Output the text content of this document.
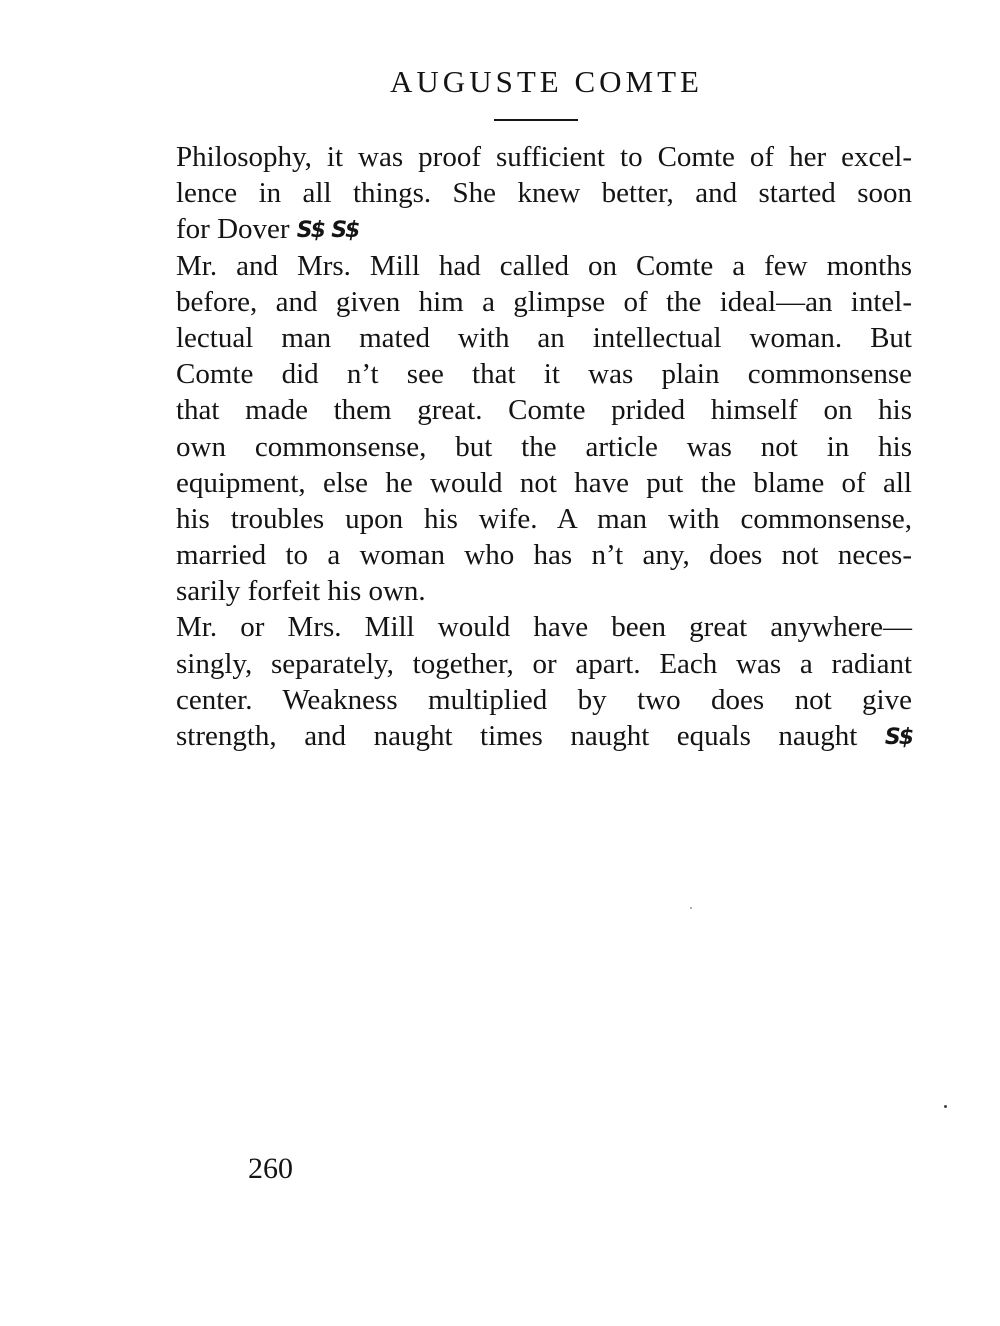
AUGUSTE COMTE
Philosophy, it was proof sufficient to Comte of her excel-
lence in all things. She knew better, and started soon
for Dover S$ S$
Mr. and Mrs. Mill had called on Comte a few months
before, and given him a glimpse of the ideal—an intel-
lectual man mated with an intellectual woman. But
Comte did n’t see that it was plain commonsense
that made them great. Comte prided himself on his
own commonsense, but the article was not in his
equipment, else he would not have put the blame of all
his troubles upon his wife. A man with commonsense,
married to a woman who has n’t any, does not neces-
sarily forfeit his own.
Mr. or Mrs. Mill would have been great anywhere—
singly, separately, together, or apart. Each was a radiant
center. Weakness multiplied by two does not give
strength, and naught times naught equals naught S$
260
